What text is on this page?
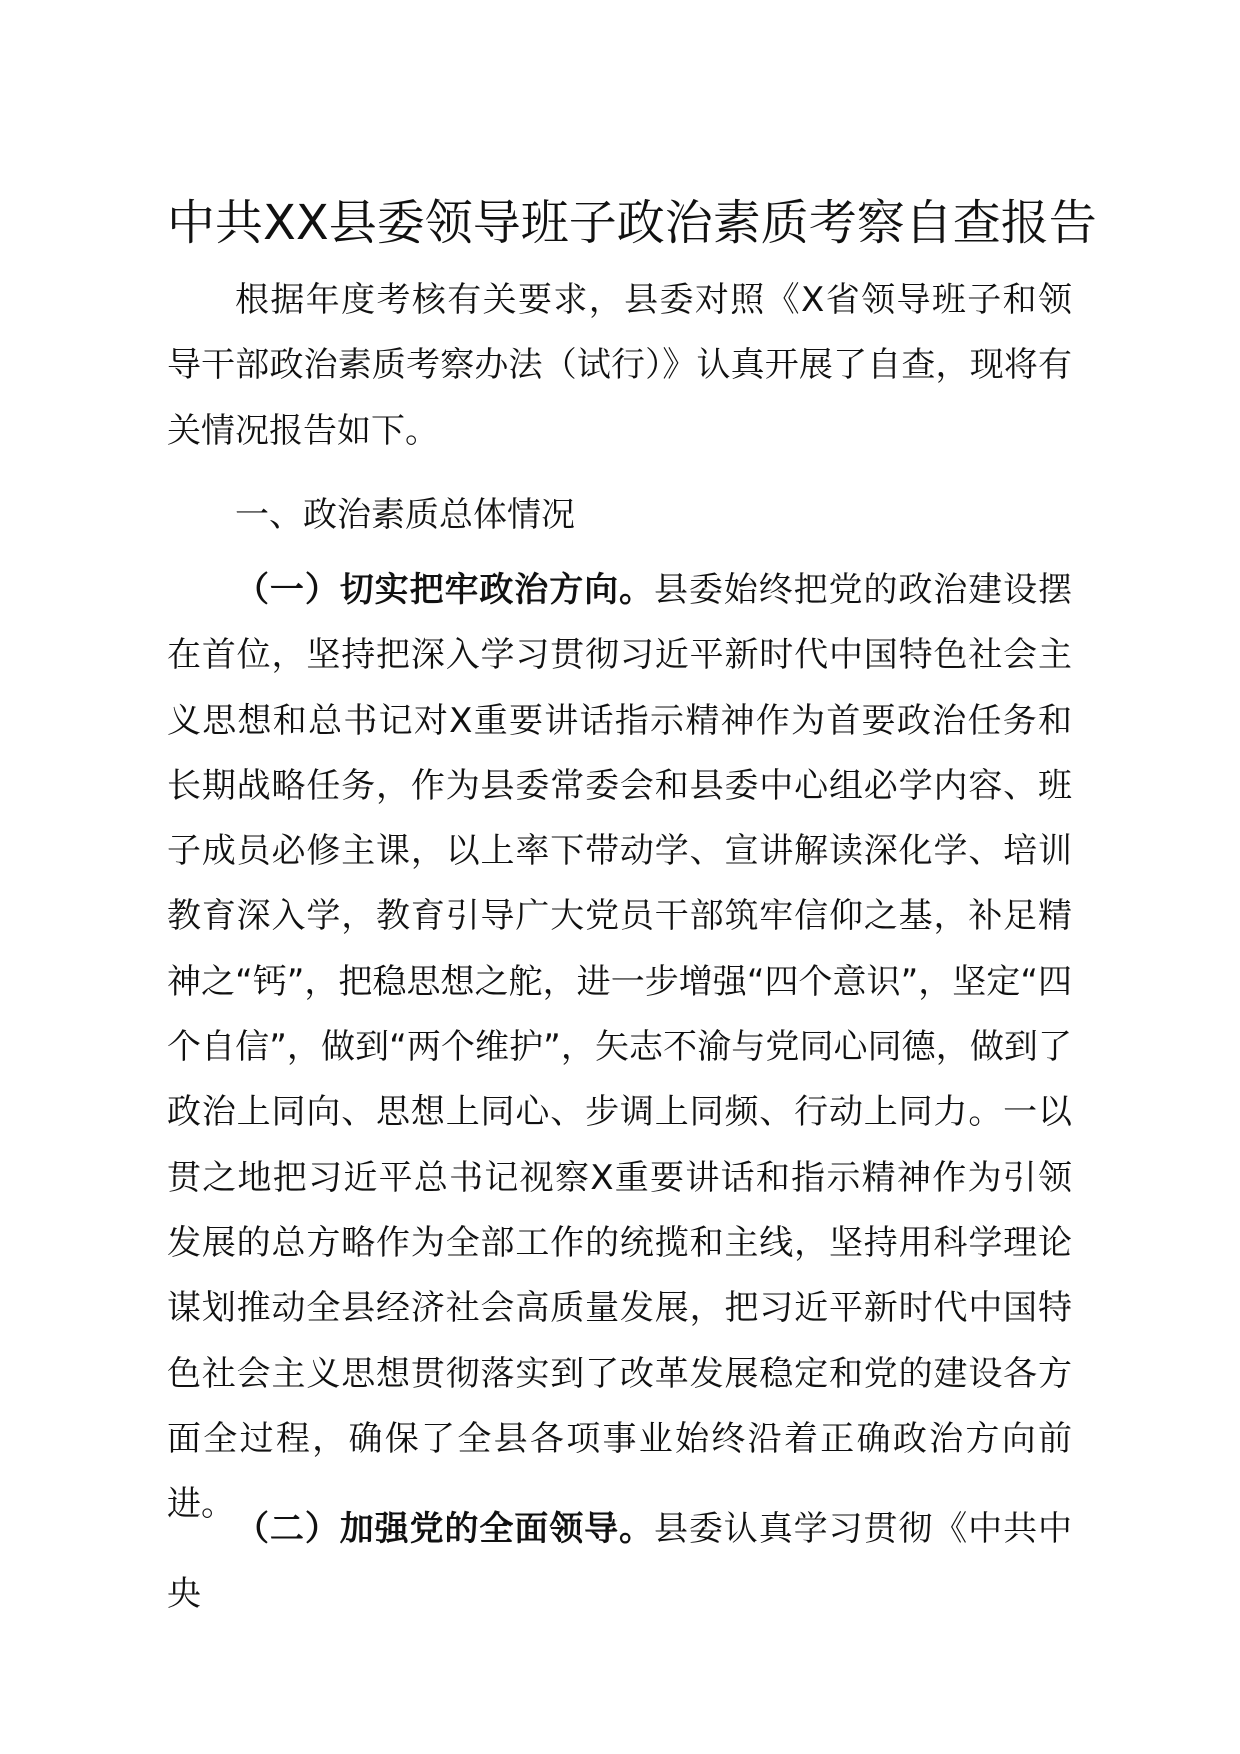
中共XX县委领导班子政治素质考察自查报告

根据年度考核有关要求，县委对照《X省领导班子和领导干部政治素质考察办法（试行）》认真开展了自查，现将有关情况报告如下。

一、政治素质总体情况

（一）切实把牢政治方向。县委始终把党的政治建设摆在首位，坚持把深入学习贯彻习近平新时代中国特色社会主义思想和总书记对X重要讲话指示精神作为首要政治任务和长期战略任务，作为县委常委会和县委中心组必学内容、班子成员必修主课，以上率下带动学、宣讲解读深化学、培训教育深入学，教育引导广大党员干部筑牢信仰之基，补足精神之“钙”，把稳思想之舵，进一步增强“四个意识”，坚定“四个自信”，做到“两个维护”，矢志不渝与党同心同德，做到了政治上同向、思想上同心、步调上同频、行动上同力。一以贯之地把习近平总书记视察X重要讲话和指示精神作为引领发展的总方略作为全部工作的统揽和主线，坚持用科学理论谋划推动全县经济社会高质量发展，把习近平新时代中国特色社会主义思想贯彻落实到了改革发展稳定和党的建设各方面全过程，确保了全县各项事业始终沿着正确政治方向前进。

（二）加强党的全面领导。县委认真学习贯彻《中共中央
